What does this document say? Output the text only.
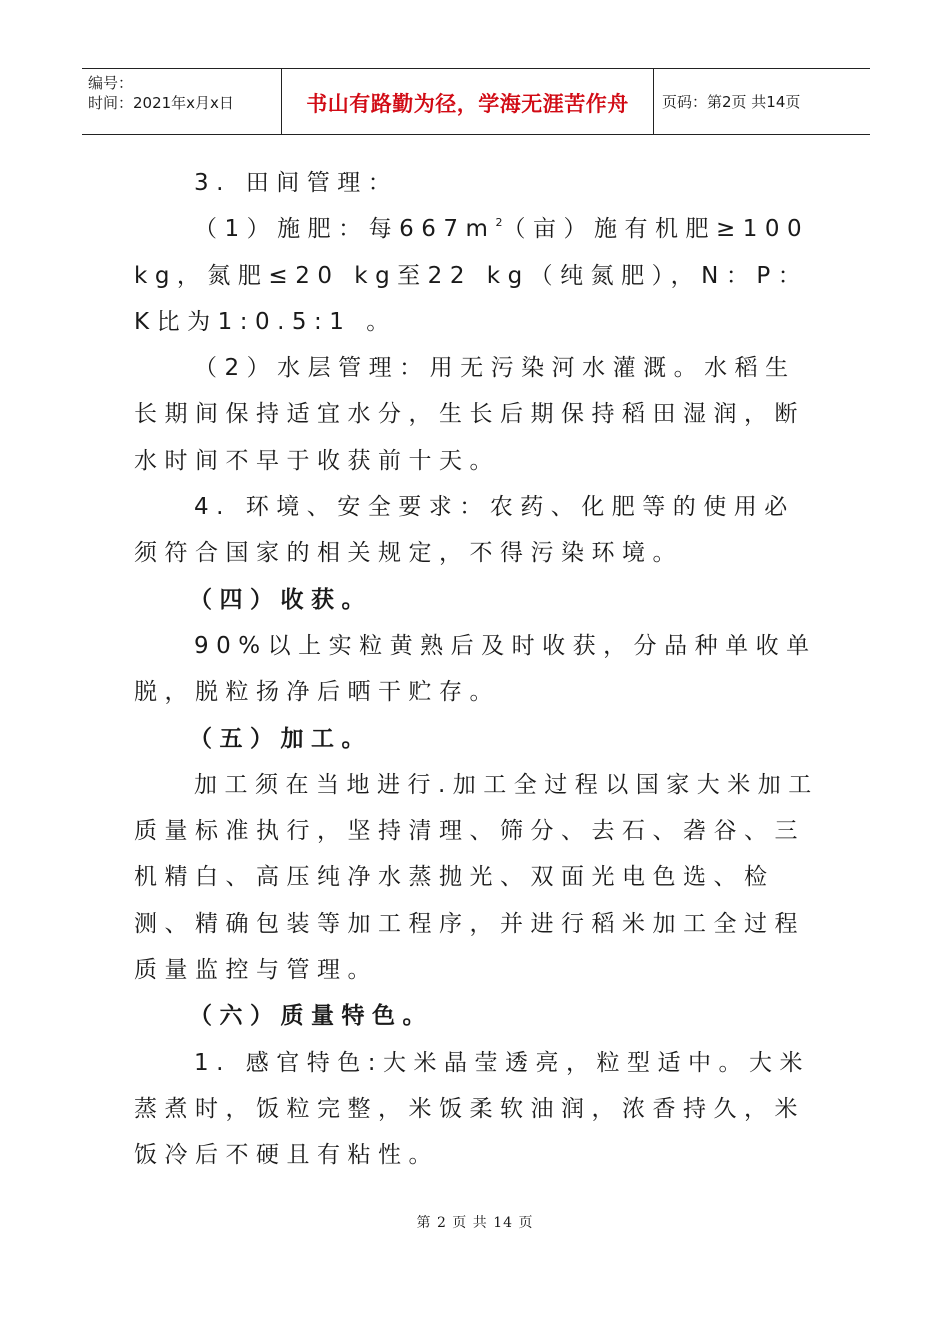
编号：
时间：2021年x月x日	书山有路勤为径，学海无涯苦作舟 页码：第2页 共14页

3. 田间管理：

（1）施肥：每$667m^2$（亩）施有机肥≥100 kg，氮肥≤20 kg至22 kg（纯氮肥），N：P：K比为1:0.5:1 。

（2）水层管理：用无污染河水灌溉。水稻生长期间保持适宜水分，生长后期保持稻田湿润，断水时间不早于收获前十天。

4. 环境、安全要求：农药、化肥等的使用必须符合国家的相关规定，不得污染环境。

（四）收获。

90%以上实粒黄熟后及时收获，分品种单收单脱，脱粒扬净后晒干贮存。

（五）加工。

加工须在当地进行.加工全过程以国家大米加工质量标准执行，坚持清理、筛分、去石、砻谷、三机精白、高压纯净水蒸抛光、双面光电色选、检测、精确包装等加工程序，并进行稻米加工全过程质量监控与管理。

（六）质量特色。

1. 感官特色:大米晶莹透亮，粒型适中。大米蒸煮时，饭粒完整，米饭柔软油润，浓香持久，米饭冷后不硬且有粘性。

第 2 页 共 14 页
